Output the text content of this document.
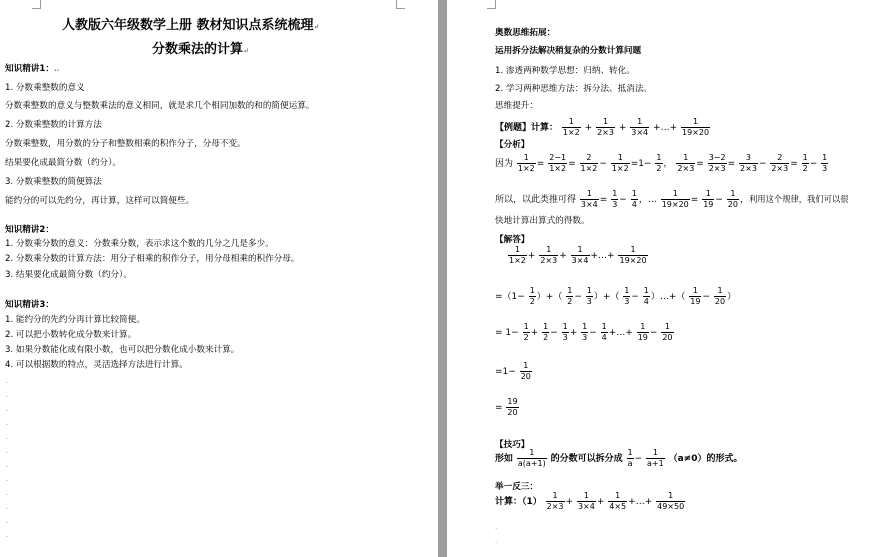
人教版六年级数学上册 教材知识点系统梳理↵
分数乘法的计算↵
知识精讲1：..
1. 分数乘整数的意义
分数乘整数的意义与整数乘法的意义相同，就是求几个相同加数的和的简便运算。
2. 分数乘整数的计算方法
分数乘整数，用分数的分子和整数相乘的积作分子，分母不变。
结果要化成最简分数（约分）。
3. 分数乘整数的简便算法
能约分的可以先约分，再计算，这样可以简便些。
知识精讲2：
1. 分数乘分数的意义：分数乘分数，表示求这个数的几分之几是多少。
2. 分数乘分数的计算方法：用分子相乘的积作分子，用分母相乘的积作分母。
3. 结果要化成最简分数（约分）。
知识精讲3：
1. 能约分的先约分再计算比较简便。
2. 可以把小数转化成分数来计算。
3. 如果分数能化成有限小数，也可以把分数化成小数来计算。
4. 可以根据数的特点，灵活选择方法进行计算。
.
.
.
.
.
.
.
.
.
.
.
.
奥数思维拓展：
运用拆分法解决稍复杂的分数计算问题
1. 渗透两种数学思想：归纳、转化。
2. 学习两种思维方法：拆分法、抵消法。
思维提升：
【例题】计算： $\frac{1}{1\times 2} + \frac{1}{2\times 3} + \frac{1}{3\times 4}$ +…+ $\frac{1}{19\times 20}$
【分析】
因为 $\frac{1}{1\times 2} = \frac{2-1}{1\times 2} = \frac{2}{1\times 2} - \frac{1}{1\times 2} =1- \frac{1}{2}$ ， $\frac{1}{2\times 3} = \frac{3-2}{2\times 3} = \frac{3}{2\times 3} - \frac{2}{2\times 3} = \frac{1}{2} - \frac{1}{3}$
所以，以此类推可得 $\frac{1}{3\times 4} = \frac{1}{3} - \frac{1}{4}$ ，… $\frac{1}{19\times 20} = \frac{1}{19} - \frac{1}{20}$ ，利用这个规律，我们可以很
快地计算出算式的得数。
【解答】
$\frac{1}{1\times 2} + \frac{1}{2\times 3} + \frac{1}{3\times 4}$ +…+ $\frac{1}{19\times 20}$
$=(1- \frac{1}{2}$ ）+（ $\frac{1}{2} - \frac{1}{3}$ ）+（ $\frac{1}{3} - \frac{1}{4}$ ）…+（ $\frac{1}{19} - \frac{1}{20}$ ）
= $1- \frac{1}{2} + \frac{1}{2} - \frac{1}{3} + \frac{1}{3} - \frac{1}{4}$ +…+ $\frac{1}{19} - \frac{1}{20}$
$=1- \frac{1}{20}$
= $\frac{19}{20}$
【技巧】
形如 $\frac{1}{a(a+1)}$ 的分数可以拆分成 $\frac{1}{a} - \frac{1}{a+1} (a\ne 0)$的形式。
举一反三：
计算：$(1) \frac{1}{2\times 3} + \frac{1}{3\times 4} + \frac{1}{4\times 5}$ +…+ $\frac{1}{49\times 50}$
.
.
